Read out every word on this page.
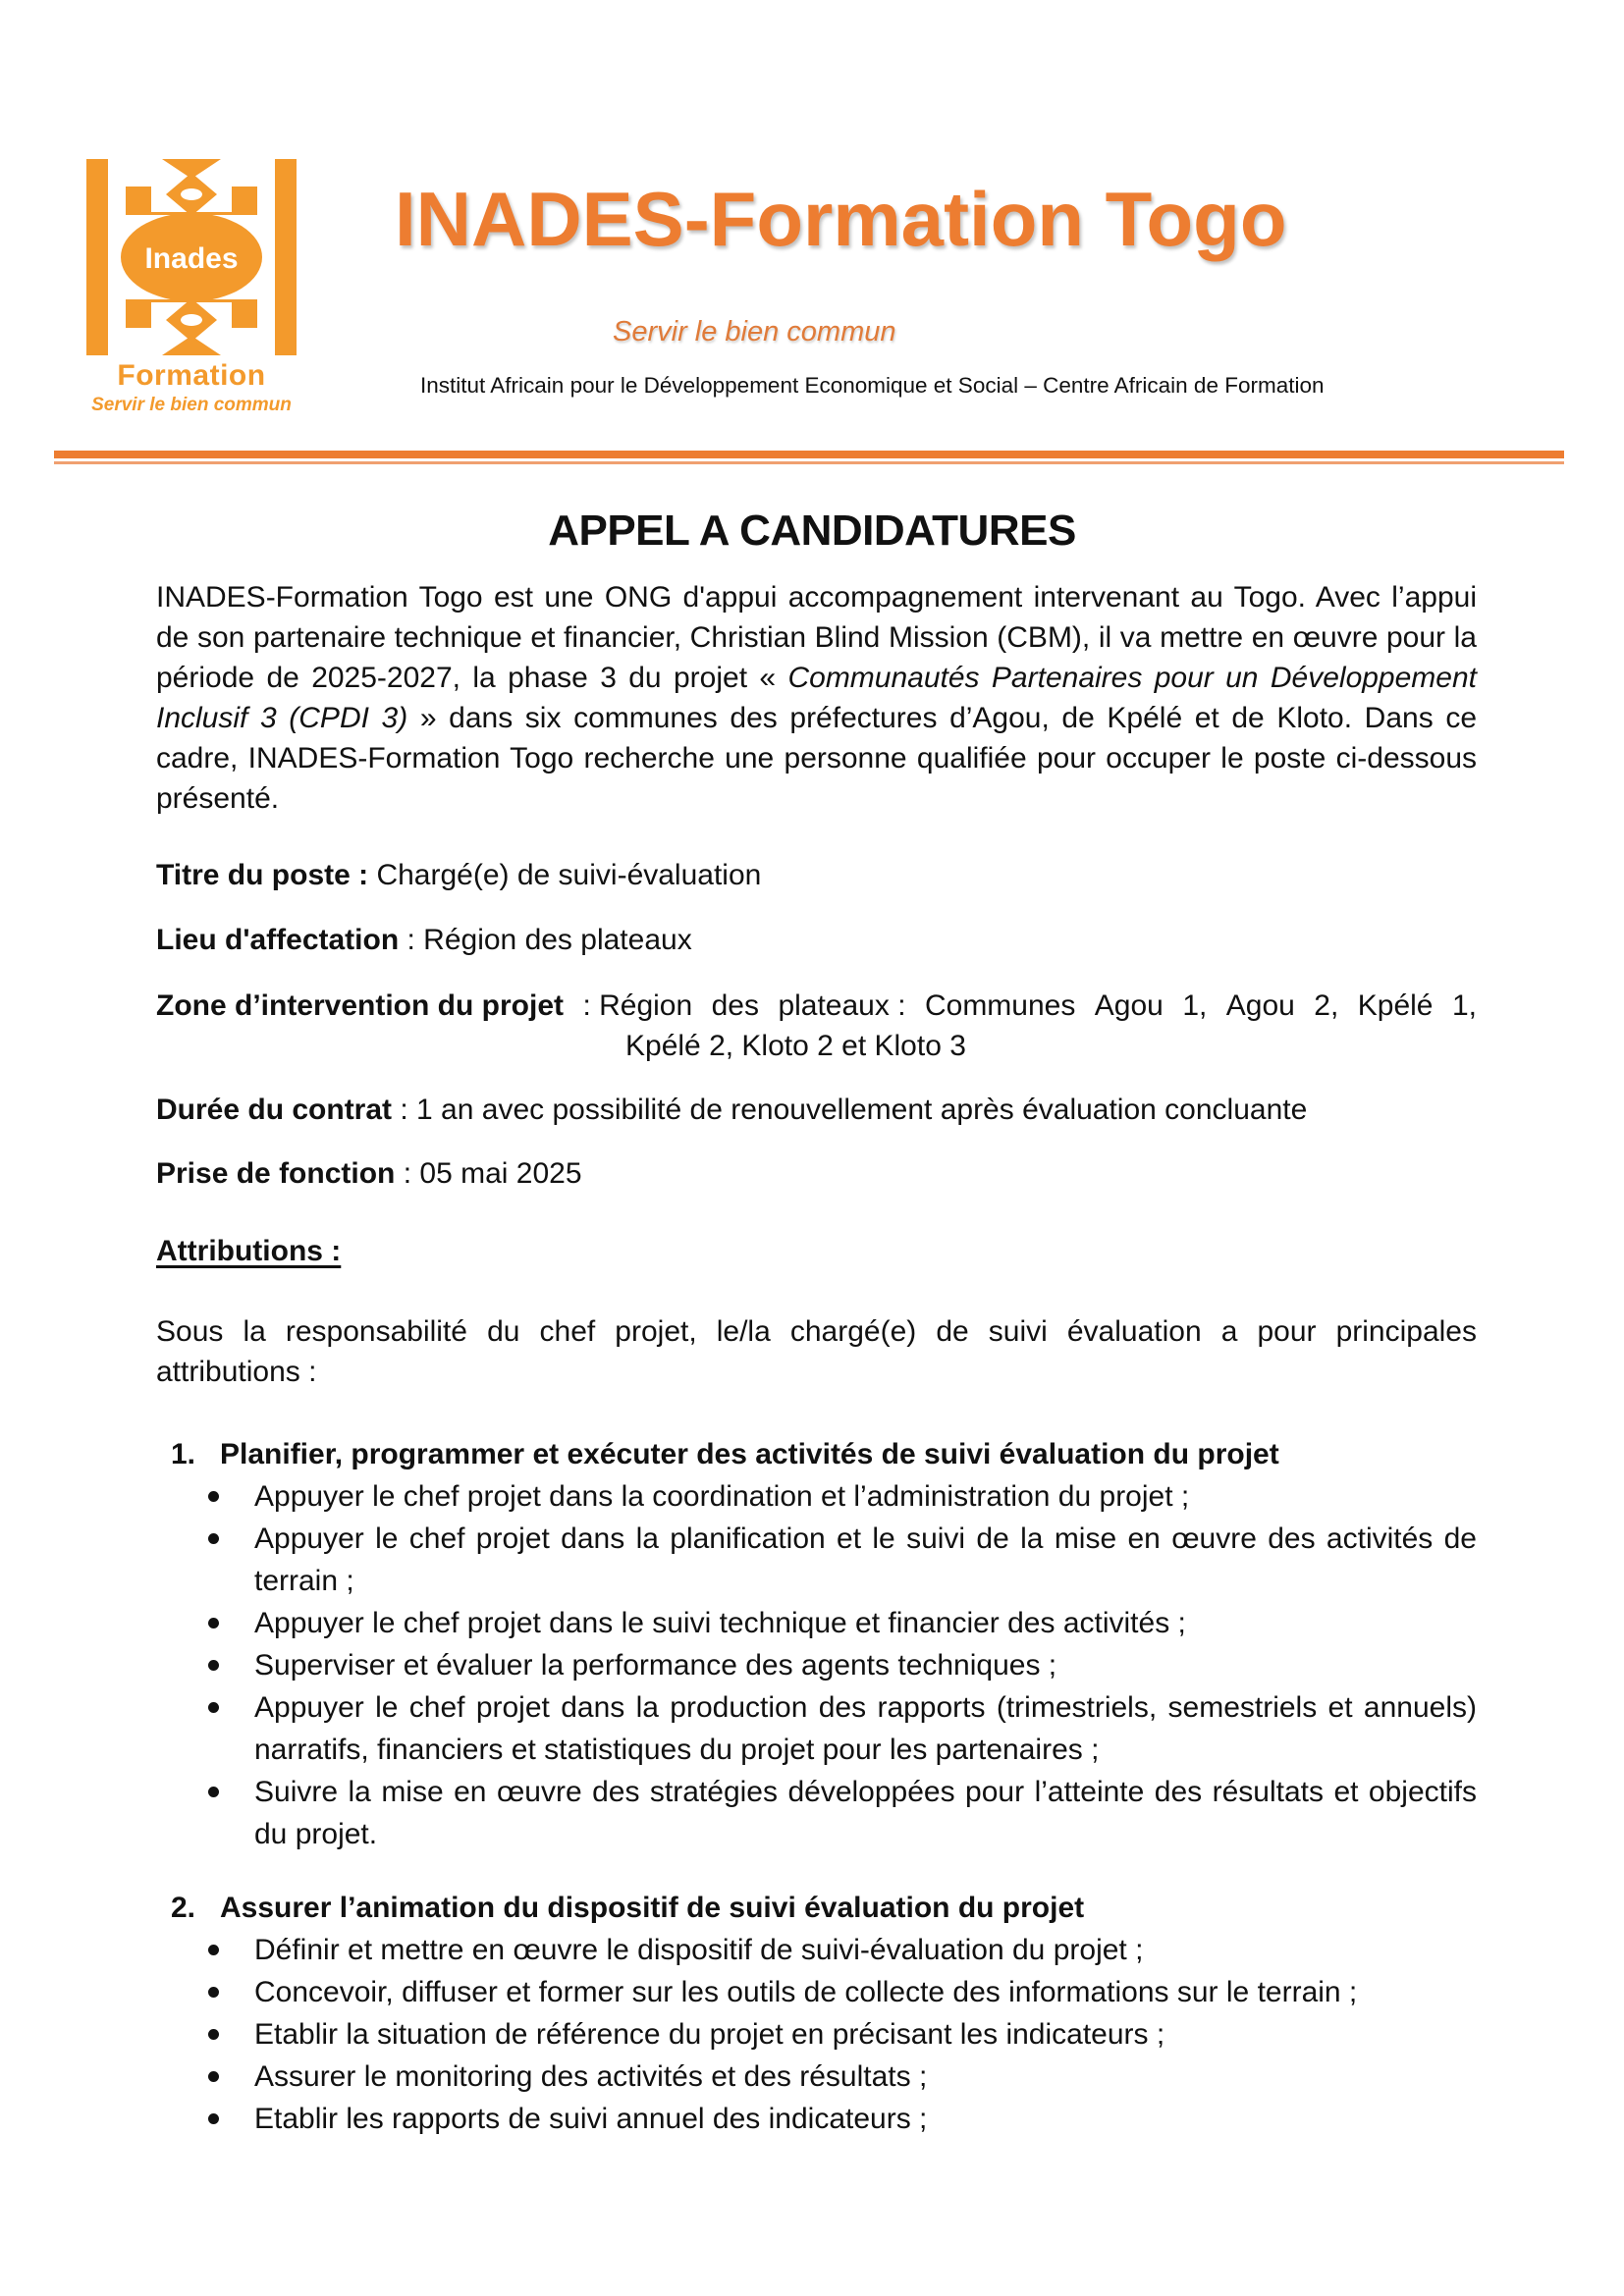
Inades
Formation
Servir le bien commun
INADES-Formation Togo
Servir le bien commun
Institut Africain pour le Développement Economique et Social – Centre Africain de Formation
APPEL A CANDIDATURES
INADES-Formation Togo est une ONG d'appui accompagnement intervenant au Togo. Avec l’appui de son partenaire technique et financier, Christian Blind Mission (CBM), il va mettre en œuvre pour la période de 2025-2027, la phase 3 du projet « Communautés Partenaires pour un Développement Inclusif 3 (CPDI 3) » dans six communes des préfectures d’Agou, de Kpélé et de Kloto. Dans ce cadre, INADES-Formation Togo recherche une personne qualifiée pour occuper le poste ci-dessous présenté.
Titre du poste : Chargé(e) de suivi-évaluation
Lieu d'affectation : Région des plateaux
Zone d’intervention du projet : Région des plateaux : Communes Agou 1, Agou 2, Kpélé 1,
Kpélé 2, Kloto 2 et Kloto 3
Durée du contrat : 1 an avec possibilité de renouvellement après évaluation concluante
Prise de fonction : 05 mai 2025
Attributions :
Sous la responsabilité du chef projet, le/la chargé(e) de suivi évaluation a pour principales attributions :
1. Planifier, programmer et exécuter des activités de suivi évaluation du projet
Appuyer le chef projet dans la coordination et l’administration du projet ;
Appuyer le chef projet dans la planification et le suivi de la mise en œuvre des activités de terrain ;
Appuyer le chef projet dans le suivi technique et financier des activités ;
Superviser et évaluer la performance des agents techniques ;
Appuyer le chef projet dans la production des rapports (trimestriels, semestriels et annuels) narratifs, financiers et statistiques du projet pour les partenaires ;
Suivre la mise en œuvre des stratégies développées pour l’atteinte des résultats et objectifs du projet.
2. Assurer l’animation du dispositif de suivi évaluation du projet
Définir et mettre en œuvre le dispositif de suivi-évaluation du projet ;
Concevoir, diffuser et former sur les outils de collecte des informations sur le terrain ;
Etablir la situation de référence du projet en précisant les indicateurs ;
Assurer le monitoring des activités et des résultats ;
Etablir les rapports de suivi annuel des indicateurs ;
